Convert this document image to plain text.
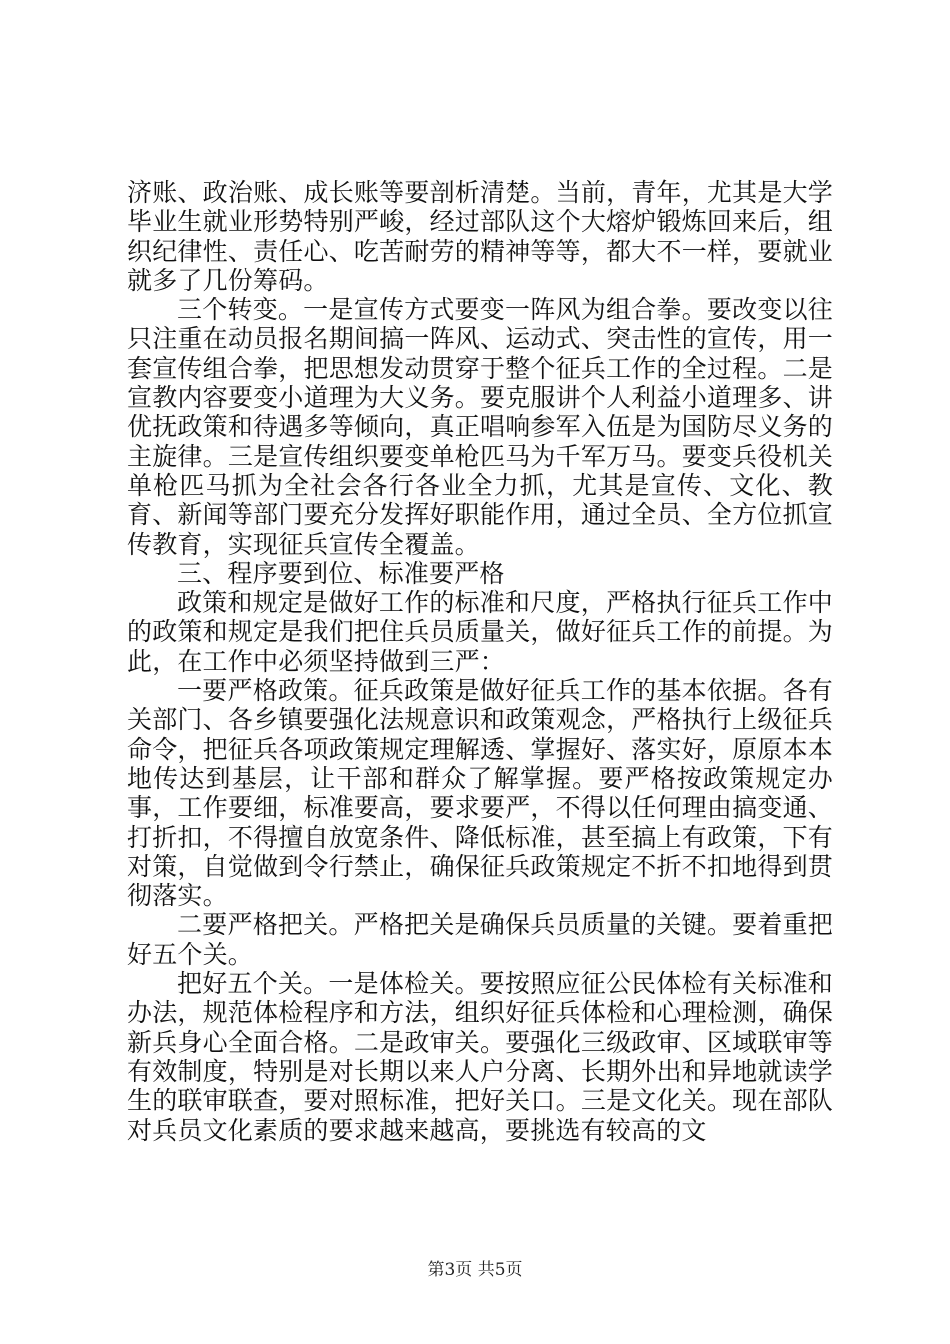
济账、政治账、成长账等要剖析清楚。当前，青年，尤其是大学毕业生就业形势特别严峻，经过部队这个大熔炉锻炼回来后，组织纪律性、责任心、吃苦耐劳的精神等等，都大不一样，要就业就多了几份筹码。

三个转变。一是宣传方式要变一阵风为组合拳。要改变以往只注重在动员报名期间搞一阵风、运动式、突击性的宣传，用一套宣传组合拳，把思想发动贯穿于整个征兵工作的全过程。二是宣教内容要变小道理为大义务。要克服讲个人利益小道理多、讲优抚政策和待遇多等倾向，真正唱响参军入伍是为国防尽义务的主旋律。三是宣传组织要变单枪匹马为千军万马。要变兵役机关单枪匹马抓为全社会各行各业全力抓，尤其是宣传、文化、教育、新闻等部门要充分发挥好职能作用，通过全员、全方位抓宣传教育，实现征兵宣传全覆盖。

三、程序要到位、标准要严格

政策和规定是做好工作的标准和尺度，严格执行征兵工作中的政策和规定是我们把住兵员质量关，做好征兵工作的前提。为此，在工作中必须坚持做到三严：

一要严格政策。征兵政策是做好征兵工作的基本依据。各有关部门、各乡镇要强化法规意识和政策观念，严格执行上级征兵命令，把征兵各项政策规定理解透、掌握好、落实好，原原本本地传达到基层，让干部和群众了解掌握。要严格按政策规定办事，工作要细，标准要高，要求要严，不得以任何理由搞变通、打折扣，不得擅自放宽条件、降低标准，甚至搞上有政策，下有对策，自觉做到令行禁止，确保征兵政策规定不折不扣地得到贯彻落实。

二要严格把关。严格把关是确保兵员质量的关键。要着重把好五个关。

把好五个关。一是体检关。要按照应征公民体检有关标准和办法，规范体检程序和方法，组织好征兵体检和心理检测，确保新兵身心全面合格。二是政审关。要强化三级政审、区域联审等有效制度，特别是对长期以来人户分离、长期外出和异地就读学生的联审联查，要对照标准，把好关口。三是文化关。现在部队对兵员文化素质的要求越来越高，要挑选有较高的文

第3页 共5页
